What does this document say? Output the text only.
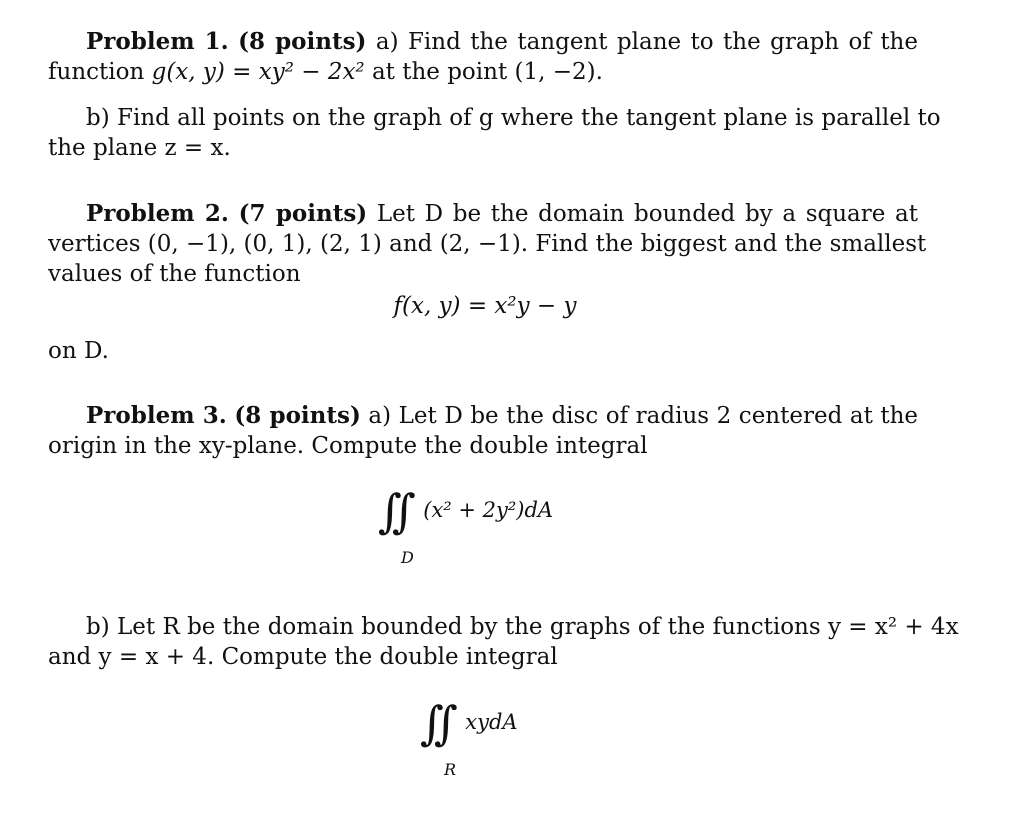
Problem 1. (8 points) a) Find the tangent plane to the graph of the
function g(x, y) = xy² − 2x² at the point (1, −2).
b) Find all points on the graph of g where the tangent plane is parallel to
the plane z = x.
Problem 2. (7 points) Let D be the domain bounded by a square at
vertices (0, −1), (0, 1), (2, 1) and (2, −1). Find the biggest and the smallest
values of the function
f(x, y) = x²y − y
on D.
Problem 3. (8 points) a) Let D be the disc of radius 2 centered at the
origin in the xy-plane. Compute the double integral
∫∫ (x² + 2y²)dA
D
b) Let R be the domain bounded by the graphs of the functions y = x² + 4x
and y = x + 4. Compute the double integral
∫∫ xydA
R
